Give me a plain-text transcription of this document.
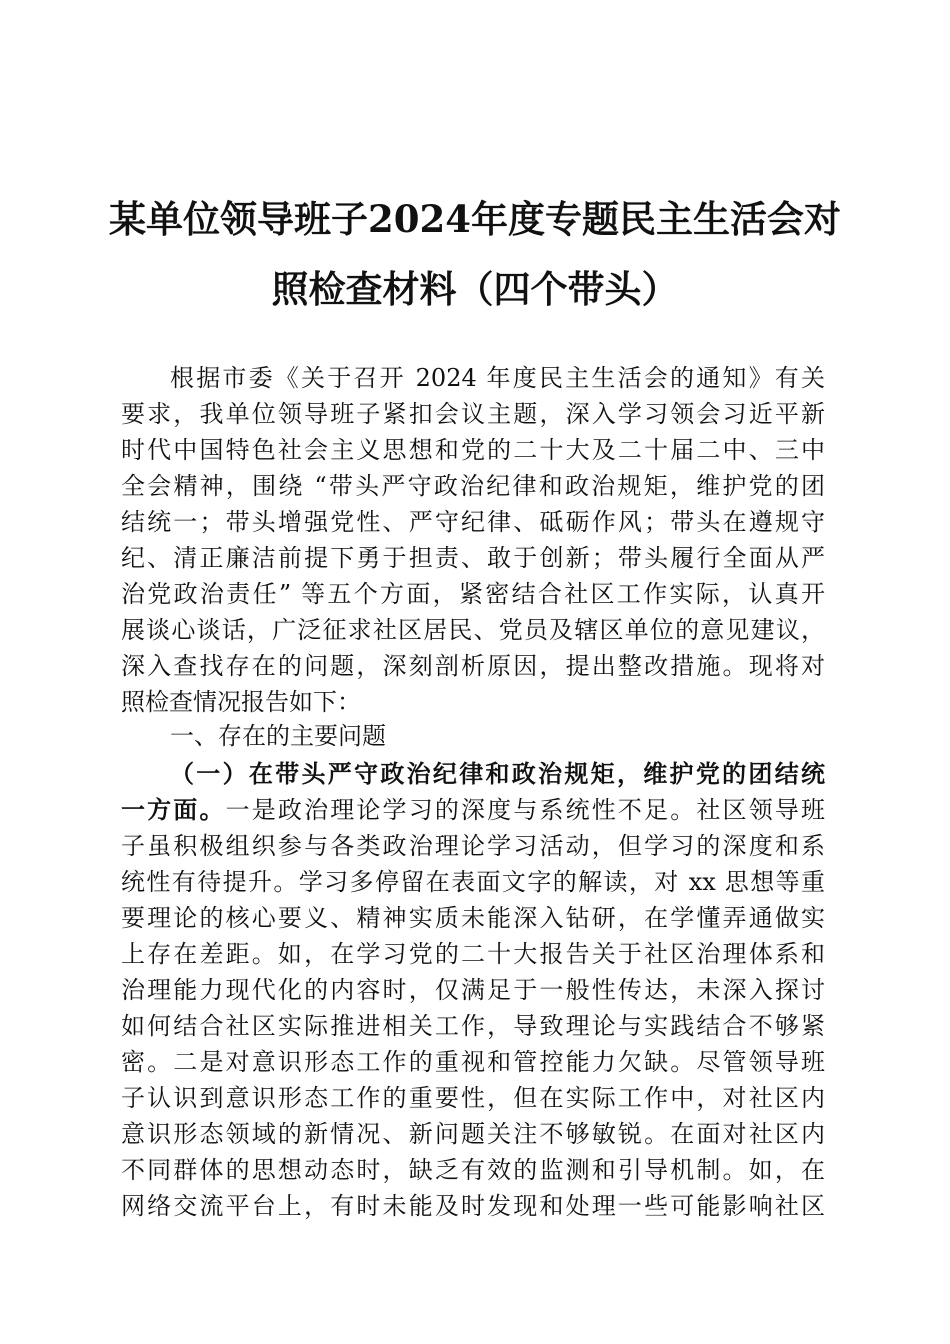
某单位领导班子2024年度专题民主生活会对
照检查材料（四个带头）
根据市委《关于召开 2024 年度民主生活会的通知》有关
要求，我单位领导班子紧扣会议主题，深入学习领会习近平新
时代中国特色社会主义思想和党的二十大及二十届二中、三中
全会精神，围绕 “带头严守政治纪律和政治规矩，维护党的团
结统一；带头增强党性、严守纪律、砥砺作风；带头在遵规守
纪、清正廉洁前提下勇于担责、敢于创新；带头履行全面从严
治党政治责任” 等五个方面，紧密结合社区工作实际，认真开
展谈心谈话，广泛征求社区居民、党员及辖区单位的意见建议，
深入查找存在的问题，深刻剖析原因，提出整改措施。现将对
照检查情况报告如下：
一、存在的主要问题
（一）在带头严守政治纪律和政治规矩，维护党的团结统
一方面。一是政治理论学习的深度与系统性不足。社区领导班
子虽积极组织参与各类政治理论学习活动，但学习的深度和系
统性有待提升。学习多停留在表面文字的解读，对 xx 思想等重
要理论的核心要义、精神实质未能深入钻研，在学懂弄通做实
上存在差距。如，在学习党的二十大报告关于社区治理体系和
治理能力现代化的内容时，仅满足于一般性传达，未深入探讨
如何结合社区实际推进相关工作，导致理论与实践结合不够紧
密。二是对意识形态工作的重视和管控能力欠缺。尽管领导班
子认识到意识形态工作的重要性，但在实际工作中，对社区内
意识形态领域的新情况、新问题关注不够敏锐。在面对社区内
不同群体的思想动态时，缺乏有效的监测和引导机制。如，在
网络交流平台上，有时未能及时发现和处理一些可能影响社区
